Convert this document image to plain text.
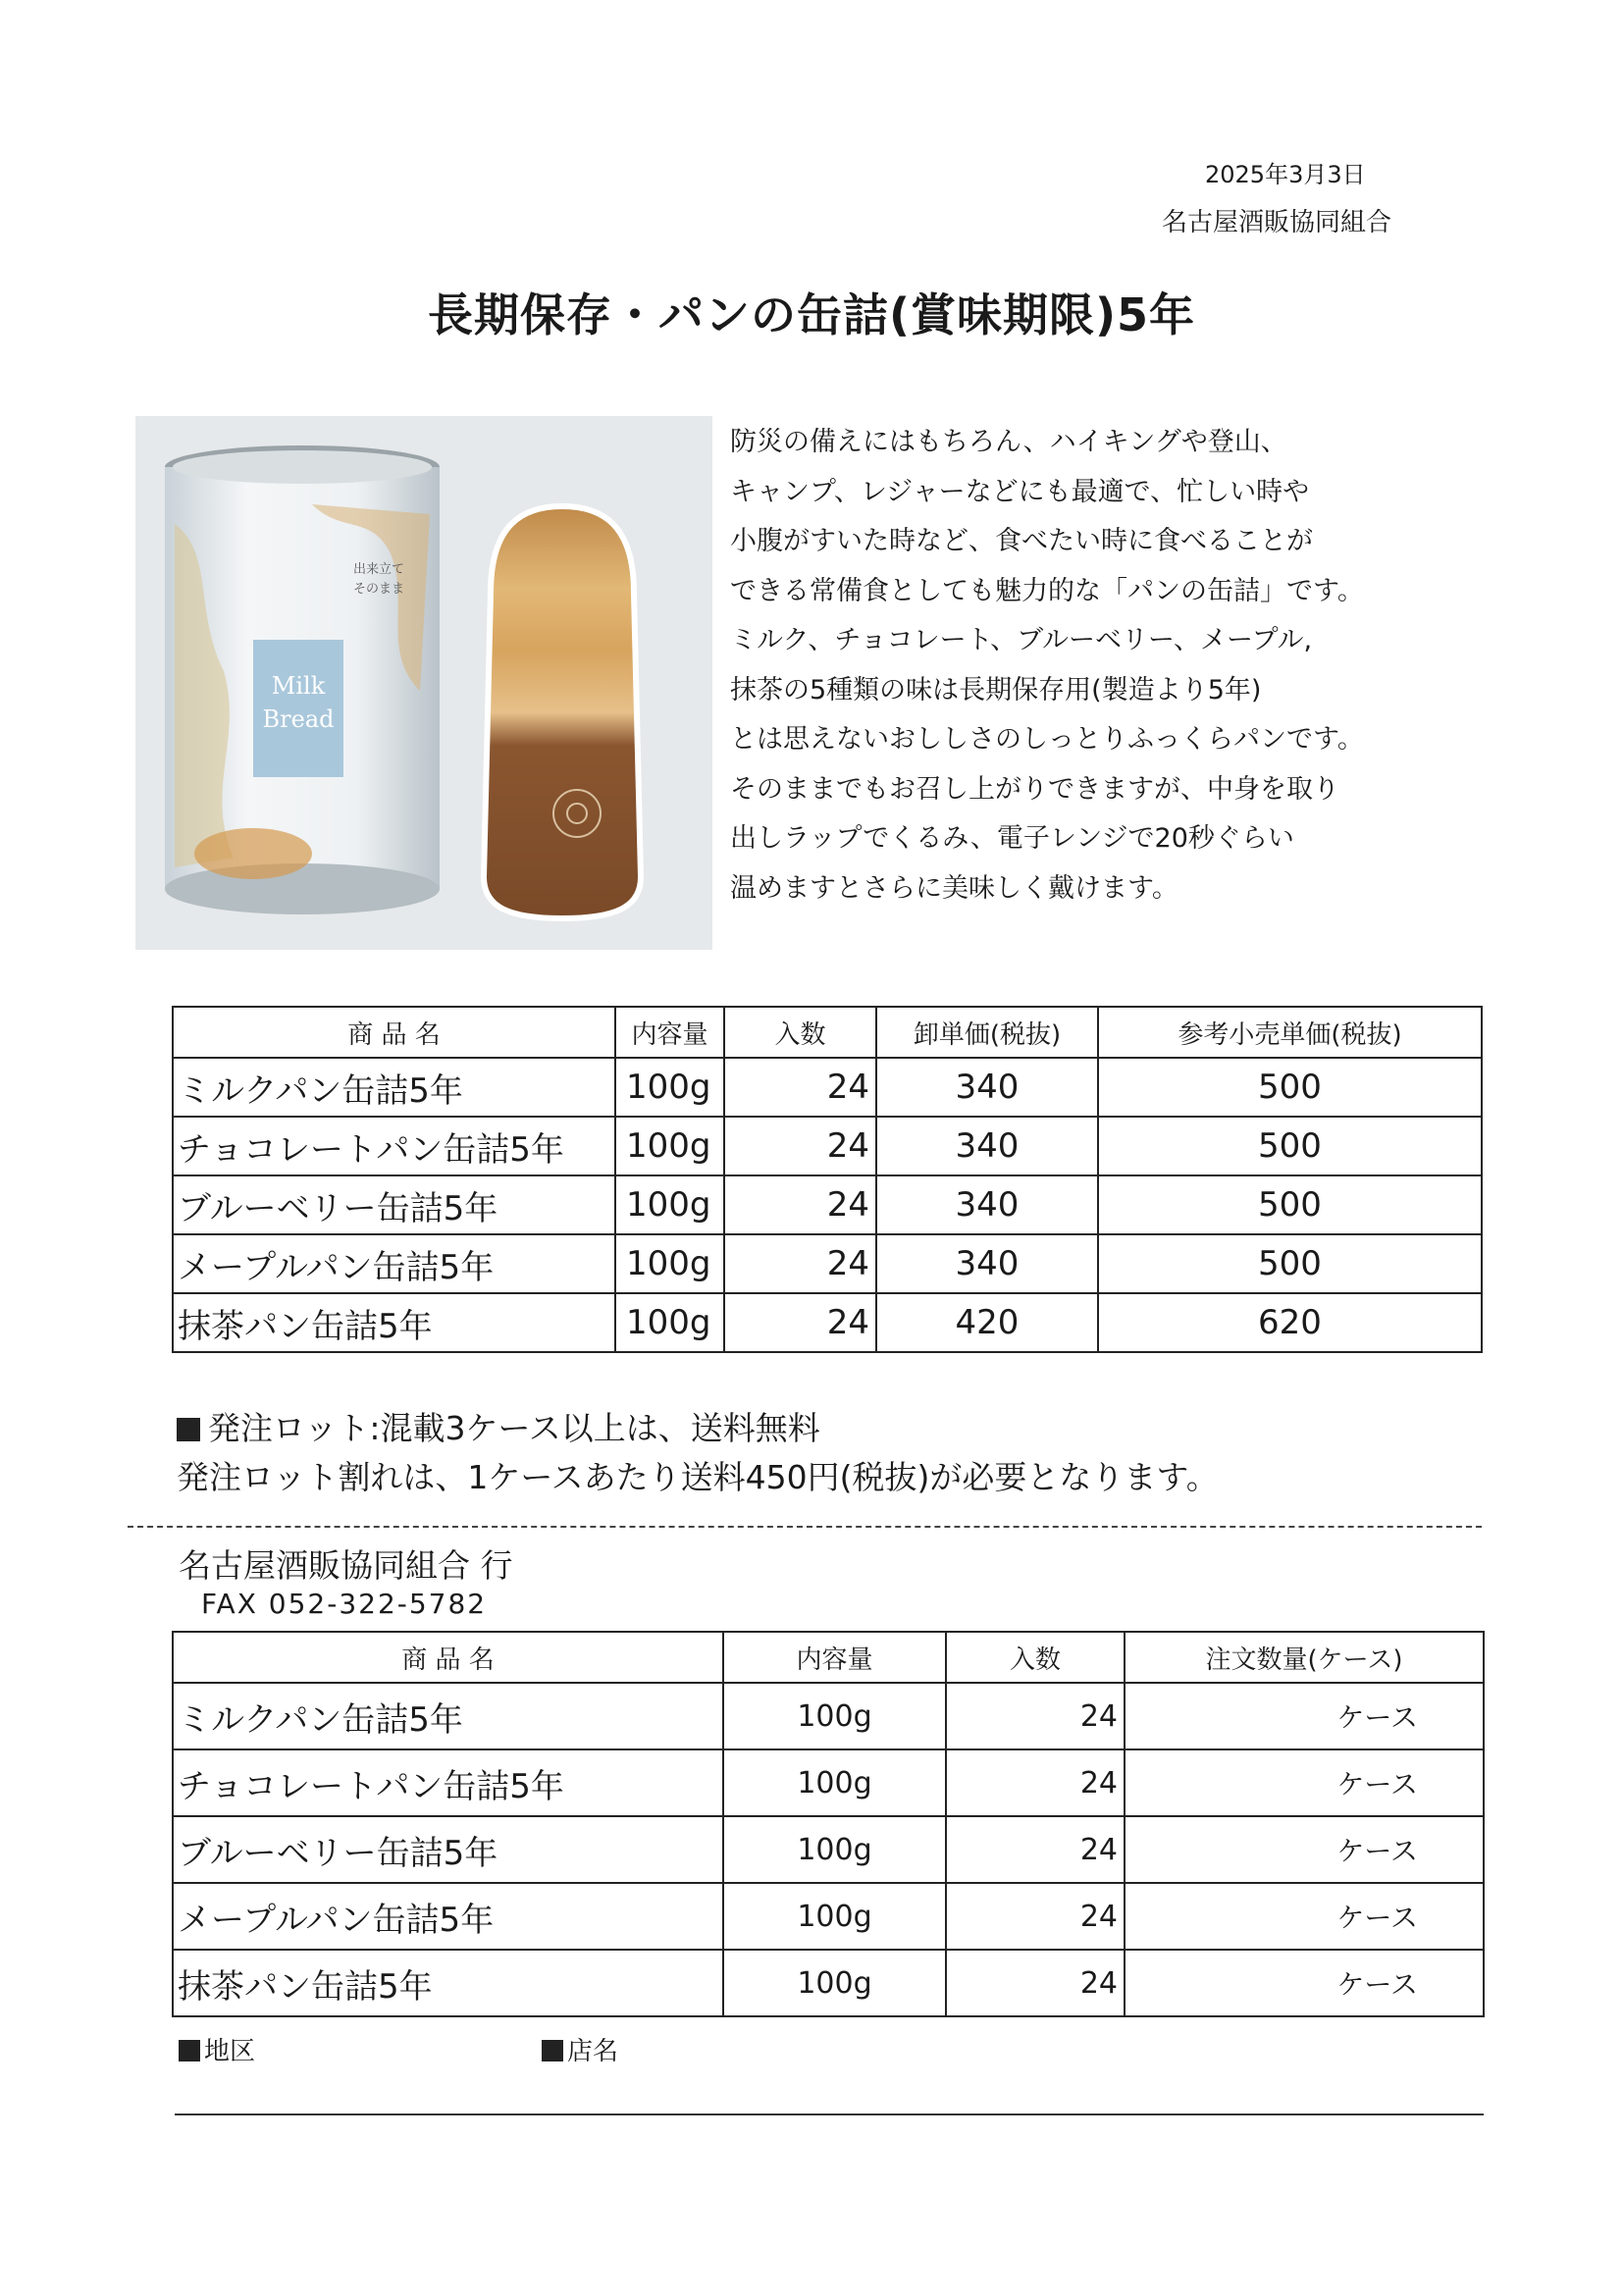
2025年3月3日
名古屋酒販協同組合
長期保存・パンの缶詰(賞味期限)5年
Milk
Bread
出来立て
そのまま
防災の備えにはもちろん、ハイキングや登山、
キャンプ、レジャーなどにも最適で、忙しい時や
小腹がすいた時など、食べたい時に食べることが
できる常備食としても魅力的な「パンの缶詰」です。
ミルク、チョコレート、ブルーベリー、メープル,
抹茶の5種類の味は長期保存用(製造より5年)
とは思えないおししさのしっとりふっくらパンです。
そのままでもお召し上がりできますが、中身を取り
出しラップでくるみ、電子レンジで20秒ぐらい
温めますとさらに美味しく戴けます。
商 品 名	内容量	入数	卸単価(税抜)	参考小売単価(税抜)
ミルクパン缶詰5年	100g	24	340	500
チョコレートパン缶詰5年	100g	24	340	500
ブルーベリー缶詰5年	100g	24	340	500
メープルパン缶詰5年	100g	24	340	500
抹茶パン缶詰5年	100g	24	420	620
発注ロット:混載3ケース以上は、送料無料
発注ロット割れは、1ケースあたり送料450円(税抜)が必要となります。
名古屋酒販協同組合 行
FAX 052-322-5782
商 品 名	内容量	入数	注文数量(ケース)
ミルクパン缶詰5年	100g	24	ケース
チョコレートパン缶詰5年	100g	24	ケース
ブルーベリー缶詰5年	100g	24	ケース
メープルパン缶詰5年	100g	24	ケース
抹茶パン缶詰5年	100g	24	ケース
地区	店名
